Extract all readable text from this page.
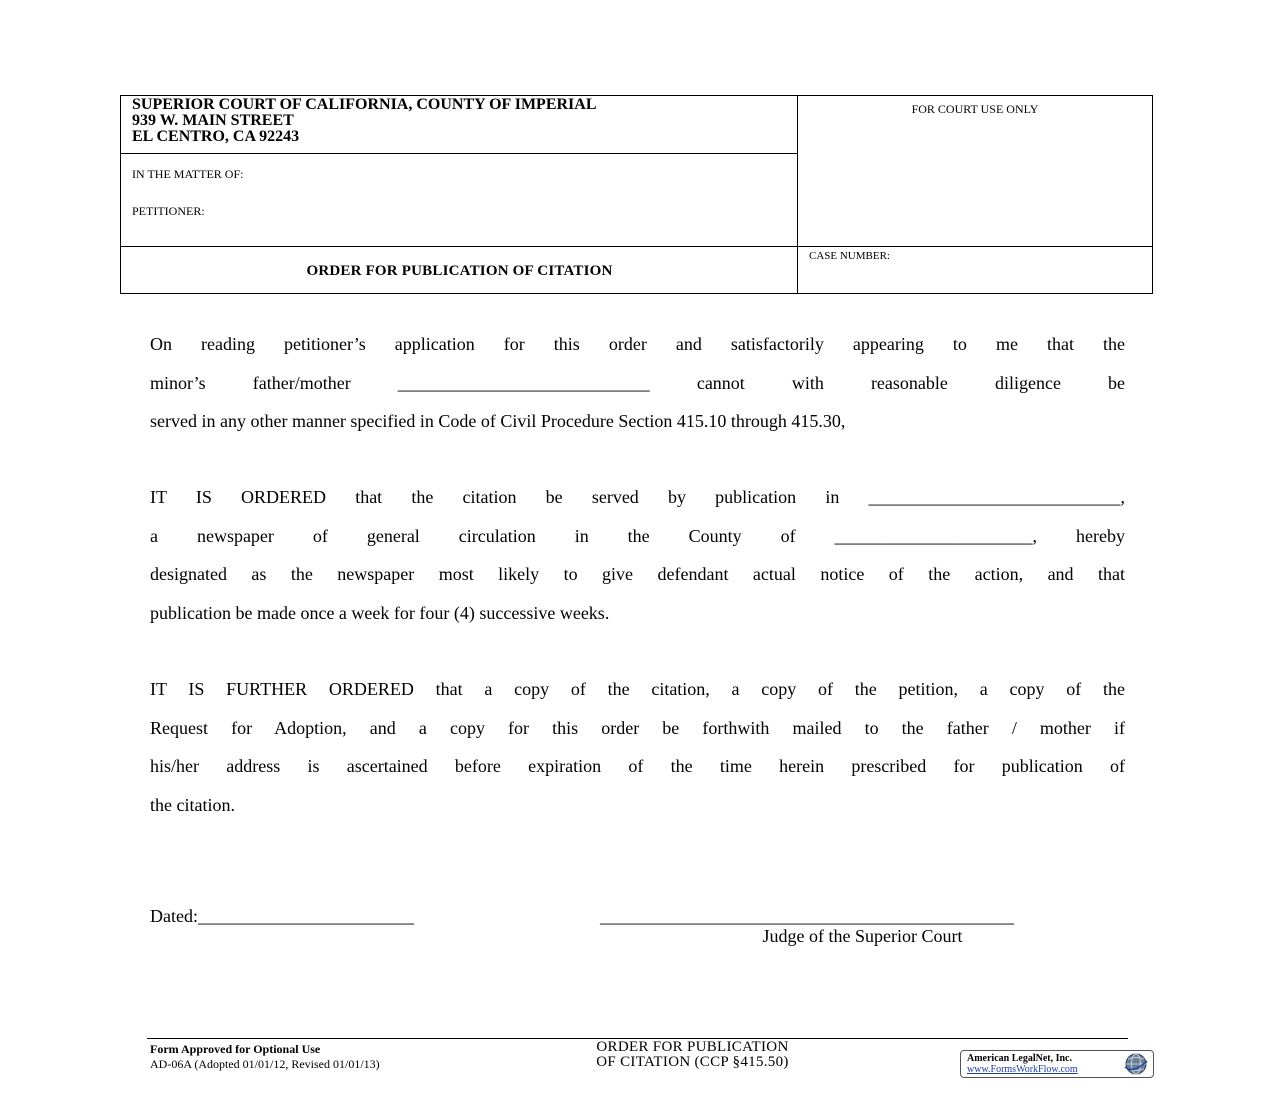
SUPERIOR COURT OF CALIFORNIA, COUNTY OF IMPERIAL
939 W. MAIN STREET
EL CENTRO, CA 92243
IN THE MATTER OF:
PETITIONER:
ORDER FOR PUBLICATION OF CITATION
FOR COURT USE ONLY
CASE NUMBER:

On reading petitioner’s application for this order and satisfactorily appearing to me that the

minor’s father/mother ____________________________ cannot with reasonable diligence be

served in any other manner specified in Code of Civil Procedure Section 415.10 through 415.30,

IT IS ORDERED that the citation be served by publication in ____________________________,

a newspaper of general circulation in the County of ______________________, hereby

designated as the newspaper most likely to give defendant actual notice of the action, and that

publication be made once a week for four (4) successive weeks.

IT IS FURTHER ORDERED that a copy of the citation, a copy of the petition, a copy of the

Request for Adoption, and a copy for this order be forthwith mailed to the father / mother if

his/her address is ascertained before expiration of the time herein prescribed for publication of

the citation.

Dated:________________________	______________________________________________
Judge of the Superior Court
Form Approved for Optional Use
AD-06A (Adopted 01/01/12, Revised 01/01/13)
ORDER FOR PUBLICATION
OF CITATION (CCP §415.50)	American LegalNet, Inc.
www.FormsWorkFlow.com
